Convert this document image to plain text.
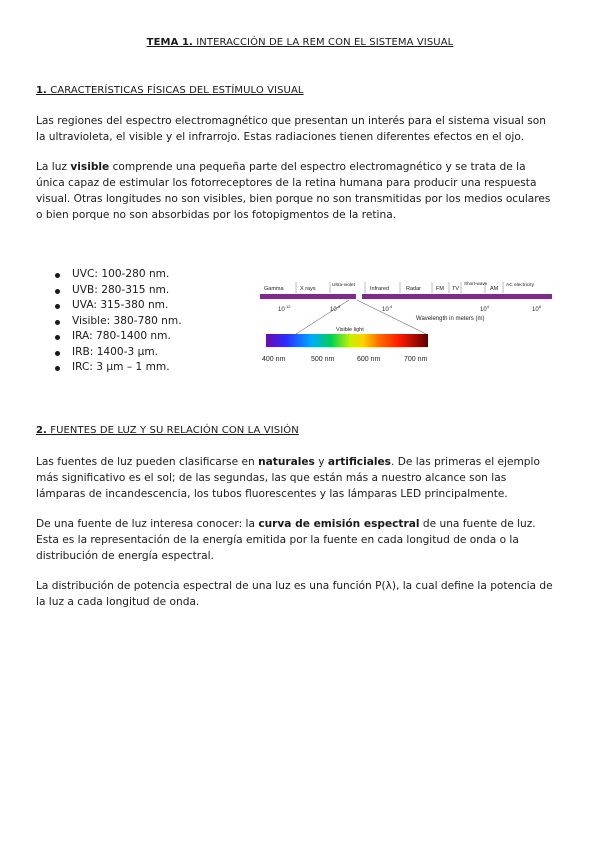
TEMA 1. INTERACCIÓN DE LA REM CON EL SISTEMA VISUAL
1. CARACTERÍSTICAS FÍSICAS DEL ESTÍMULO VISUAL

Las regiones del espectro electromagnético que presentan un interés para el sistema visual son la ultravioleta, el visible y el infrarrojo. Estas radiaciones tienen diferentes efectos en el ojo.

La luz visible comprende una pequeña parte del espectro electromagnético y se trata de la única capaz de estimular los fotorreceptores de la retina humana para producir una respuesta visual. Otras longitudes no son visibles, bien porque no son transmitidas por los medios oculares o bien porque no son absorbidas por los fotopigmentos de la retina.

UVC: 100-280 nm.
UVB: 280-315 nm.
UVA: 315-380 nm.
Visible: 380-780 nm.
IRA: 780-1400 nm.
IRB: 1400-3 μm.
IRC: 3 μm – 1 mm.
Gamma	X rays
Ultra-violet
Infrared	Radar	FM TV
Short-wave
AM
AC electricity
$10^{-12}$
$10^{-8}$
$10^{-4}$
$10^4$
$10^8$
Wavelength in meters (m)
Visible light
400 nm	500 nm	600 nm	700 nm
2. FUENTES DE LUZ Y SU RELACIÓN CON LA VISIÓN

Las fuentes de luz pueden clasificarse en naturales y artificiales. De las primeras el ejemplo más significativo es el sol; de las segundas, las que están más a nuestro alcance son las lámparas de incandescencia, los tubos fluorescentes y las lámparas LED principalmente.

De una fuente de luz interesa conocer: la curva de emisión espectral de una fuente de luz. Esta es la representación de la energía emitida por la fuente en cada longitud de onda o la distribución de energía espectral.

La distribución de potencia espectral de una luz es una función P(λ), la cual define la potencia de la luz a cada longitud de onda.
